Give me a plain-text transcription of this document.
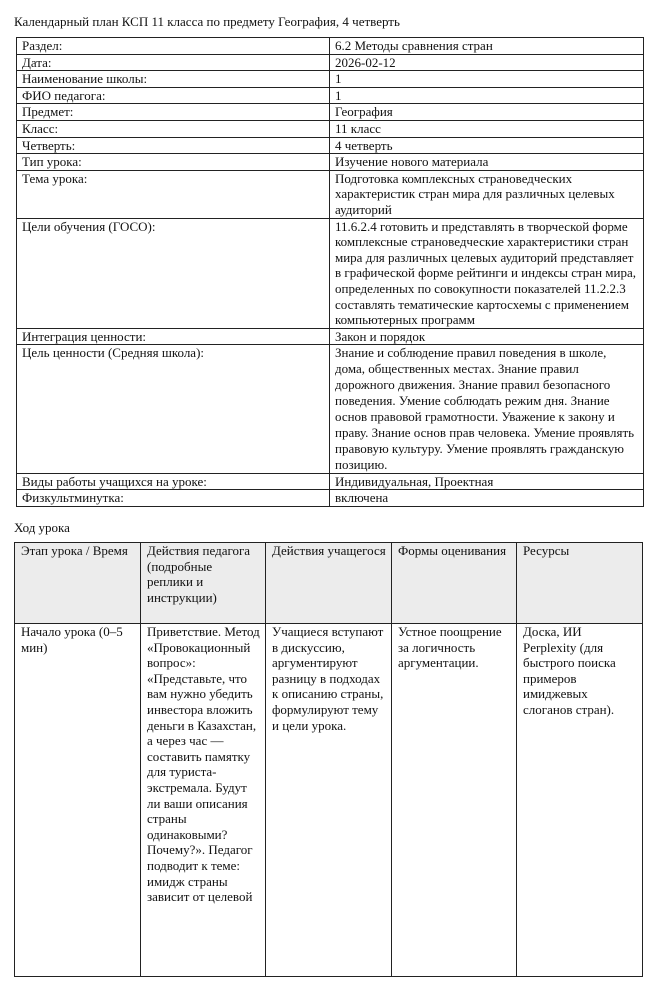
Календарный план КСП 11 класса по предмету География, 4 четверть
Раздел:	6.2 Методы сравнения стран
Дата:	2026-02-12
Наименование школы:	1
ФИО педагога:	1
Предмет:	География
Класс:	11 класс
Четверть:	4 четверть
Тип урока:	Изучение нового материала
Тема урока:	Подготовка комплексных страноведческих характеристик стран мира для различных целевых аудиторий
Цели обучения (ГОСО):	11.6.2.4 готовить и представлять в творческой форме комплексные страноведческие характеристики стран мира для различных целевых аудиторий представляет в графической форме рейтинги и индексы стран мира, определенных по совокупности показателей 11.2.2.3 составлять тематические картосхемы с применением компьютерных программ
Интеграция ценности:	Закон и порядок
Цель ценности (Средняя школа):	Знание и соблюдение правил поведения в школе, дома, общественных местах. Знание правил дорожного движения. Знание правил безопасного поведения. Умение соблюдать режим дня. Знание основ правовой грамотности. Уважение к закону и праву. Знание основ прав человека. Умение проявлять правовую культуру. Умение проявлять гражданскую позицию.
Виды работы учащихся на уроке:	Индивидуальная, Проектная
Физкультминутка:	включена
Ход урока
Этап урока / Время	Действия педагога (подробные реплики и инструкции)	Действия учащегося	Формы оценивания	Ресурсы
Начало урока (0–5 мин)	Приветствие. Метод «Провокационный вопрос»: «Представьте, что вам нужно убедить инвестора вложить деньги в Казахстан, а через час — составить памятку для туриста-экстремала. Будут ли ваши описания страны одинаковыми? Почему?». Педагог подводит к теме: имидж страны зависит от целевой	Учащиеся вступают в дискуссию, аргументируют разницу в подходах к описанию страны, формулируют тему и цели урока.	Устное поощрение за логичность аргументации.	Доска, ИИ Perplexity (для быстрого поиска примеров имиджевых слоганов стран).
